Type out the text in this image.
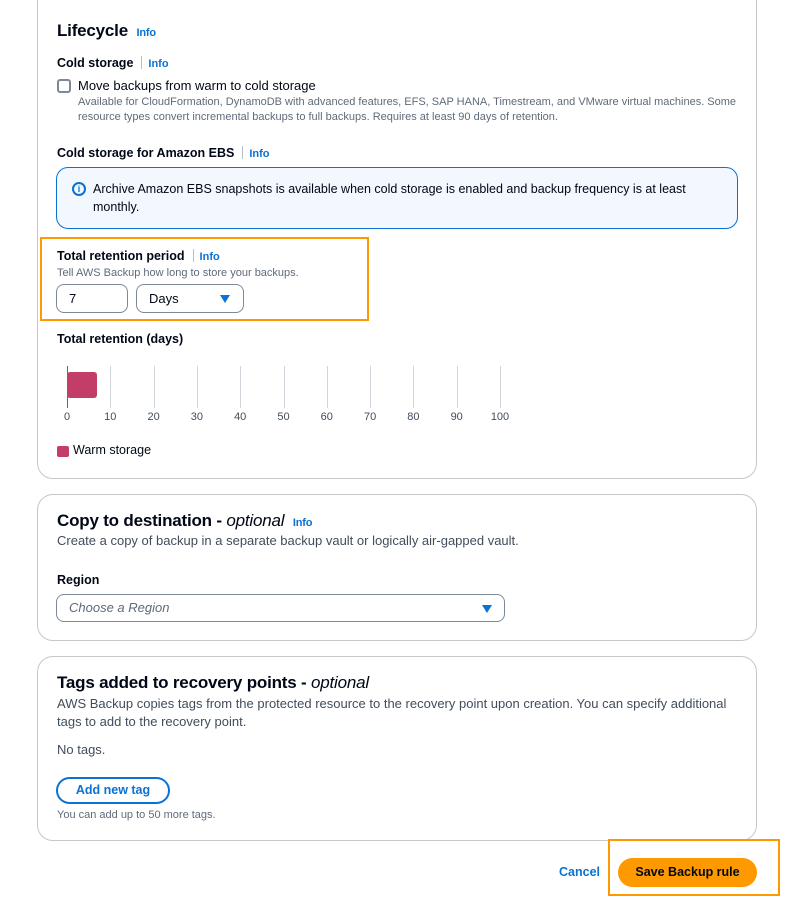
Lifecycle Info
Cold storage Info
Move backups from warm to cold storage
Available for CloudFormation, DynamoDB with advanced features, EFS, SAP HANA, Timestream, and VMware virtual machines. Some
resource types convert incremental backups to full backups. Requires at least 90 days of retention.
Cold storage for Amazon EBS Info
i	Archive Amazon EBS snapshots is available when cold storage is enabled and backup frequency is at least
monthly.
Total retention period Info
Tell AWS Backup how long to store your backups.
7	Days
Total retention (days)
0	10	20	30	40	50	60	70	80	90	100
Warm storage
Copy to destination - optional Info
Create a copy of backup in a separate backup vault or logically air-gapped vault.
Region
Choose a Region
Tags added to recovery points - optional
AWS Backup copies tags from the protected resource to the recovery point upon creation. You can specify additional
tags to add to the recovery point.
No tags.
Add new tag
You can add up to 50 more tags.
Cancel	Save Backup rule
